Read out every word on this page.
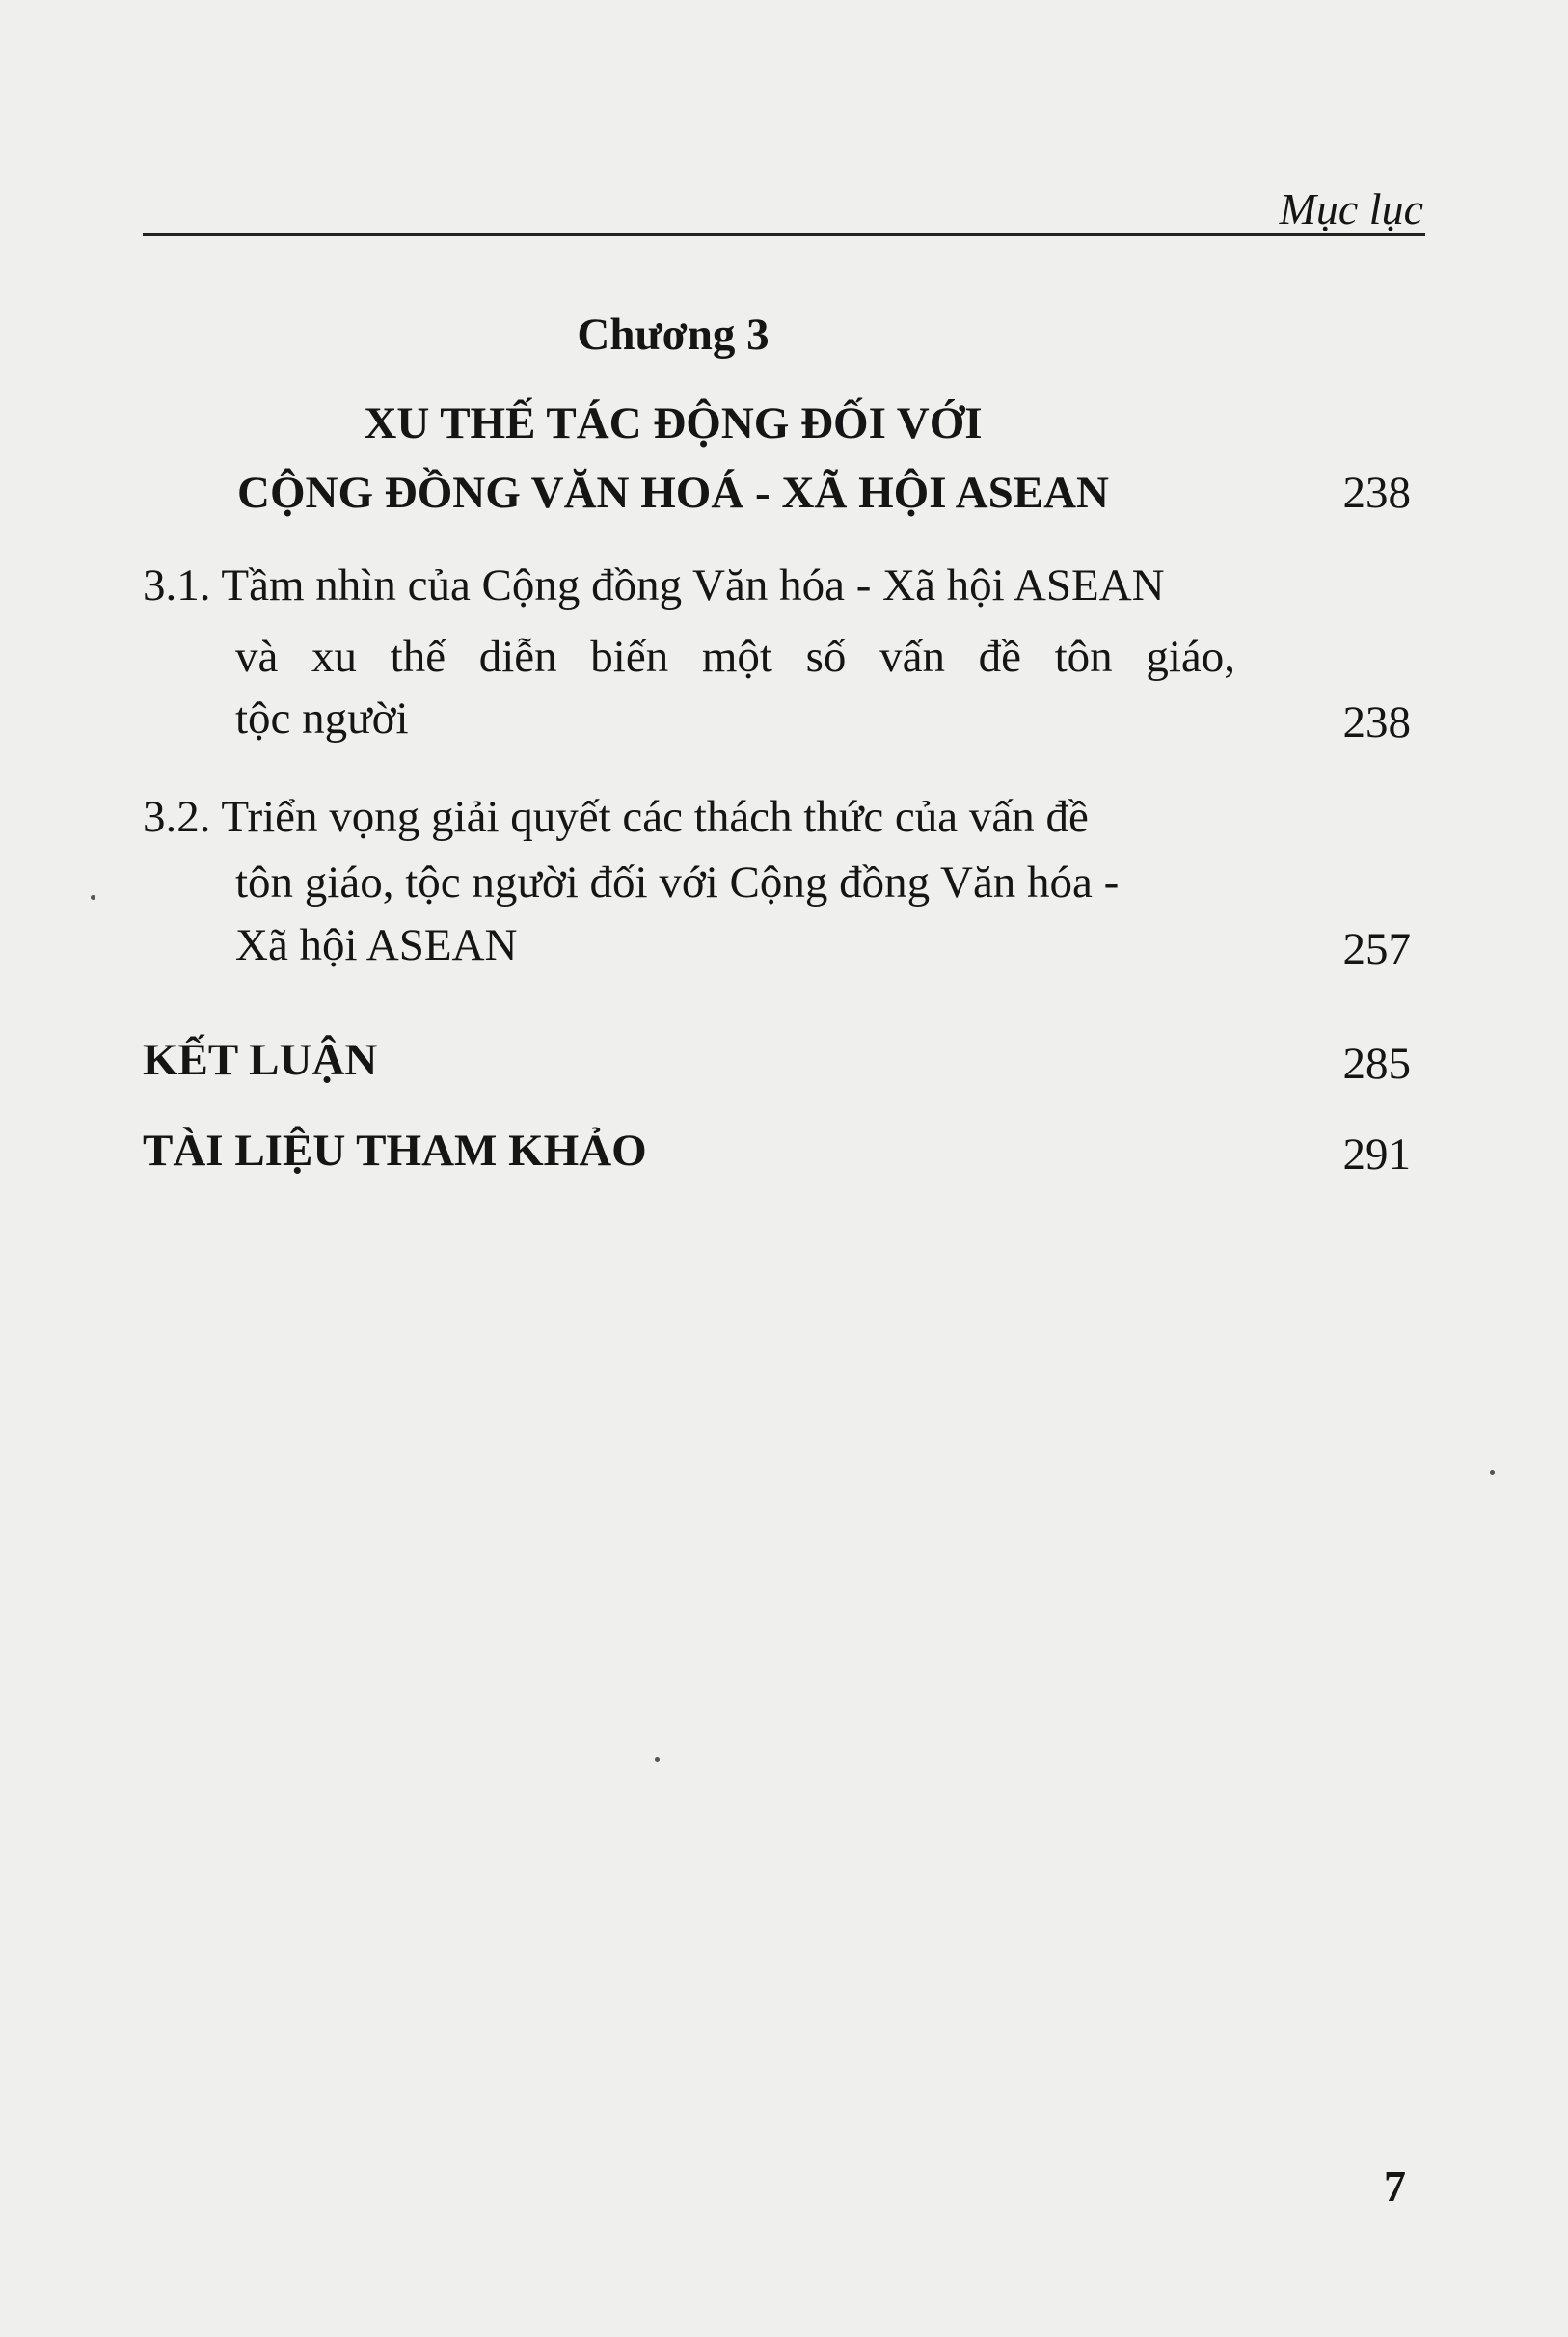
Mục lục
Chương 3
XU THẾ TÁC ĐỘNG ĐỐI VỚI
CỘNG ĐỒNG VĂN HOÁ - XÃ HỘI ASEAN	238
3.1. Tầm nhìn của Cộng đồng Văn hóa - Xã hội ASEAN
và xu thế diễn biến một số vấn đề tôn giáo,
tộc người	238
3.2. Triển vọng giải quyết các thách thức của vấn đề
tôn giáo, tộc người đối với Cộng đồng Văn hóa -
Xã hội ASEAN	257
KẾT LUẬN	285
TÀI LIỆU THAM KHẢO	291
7
